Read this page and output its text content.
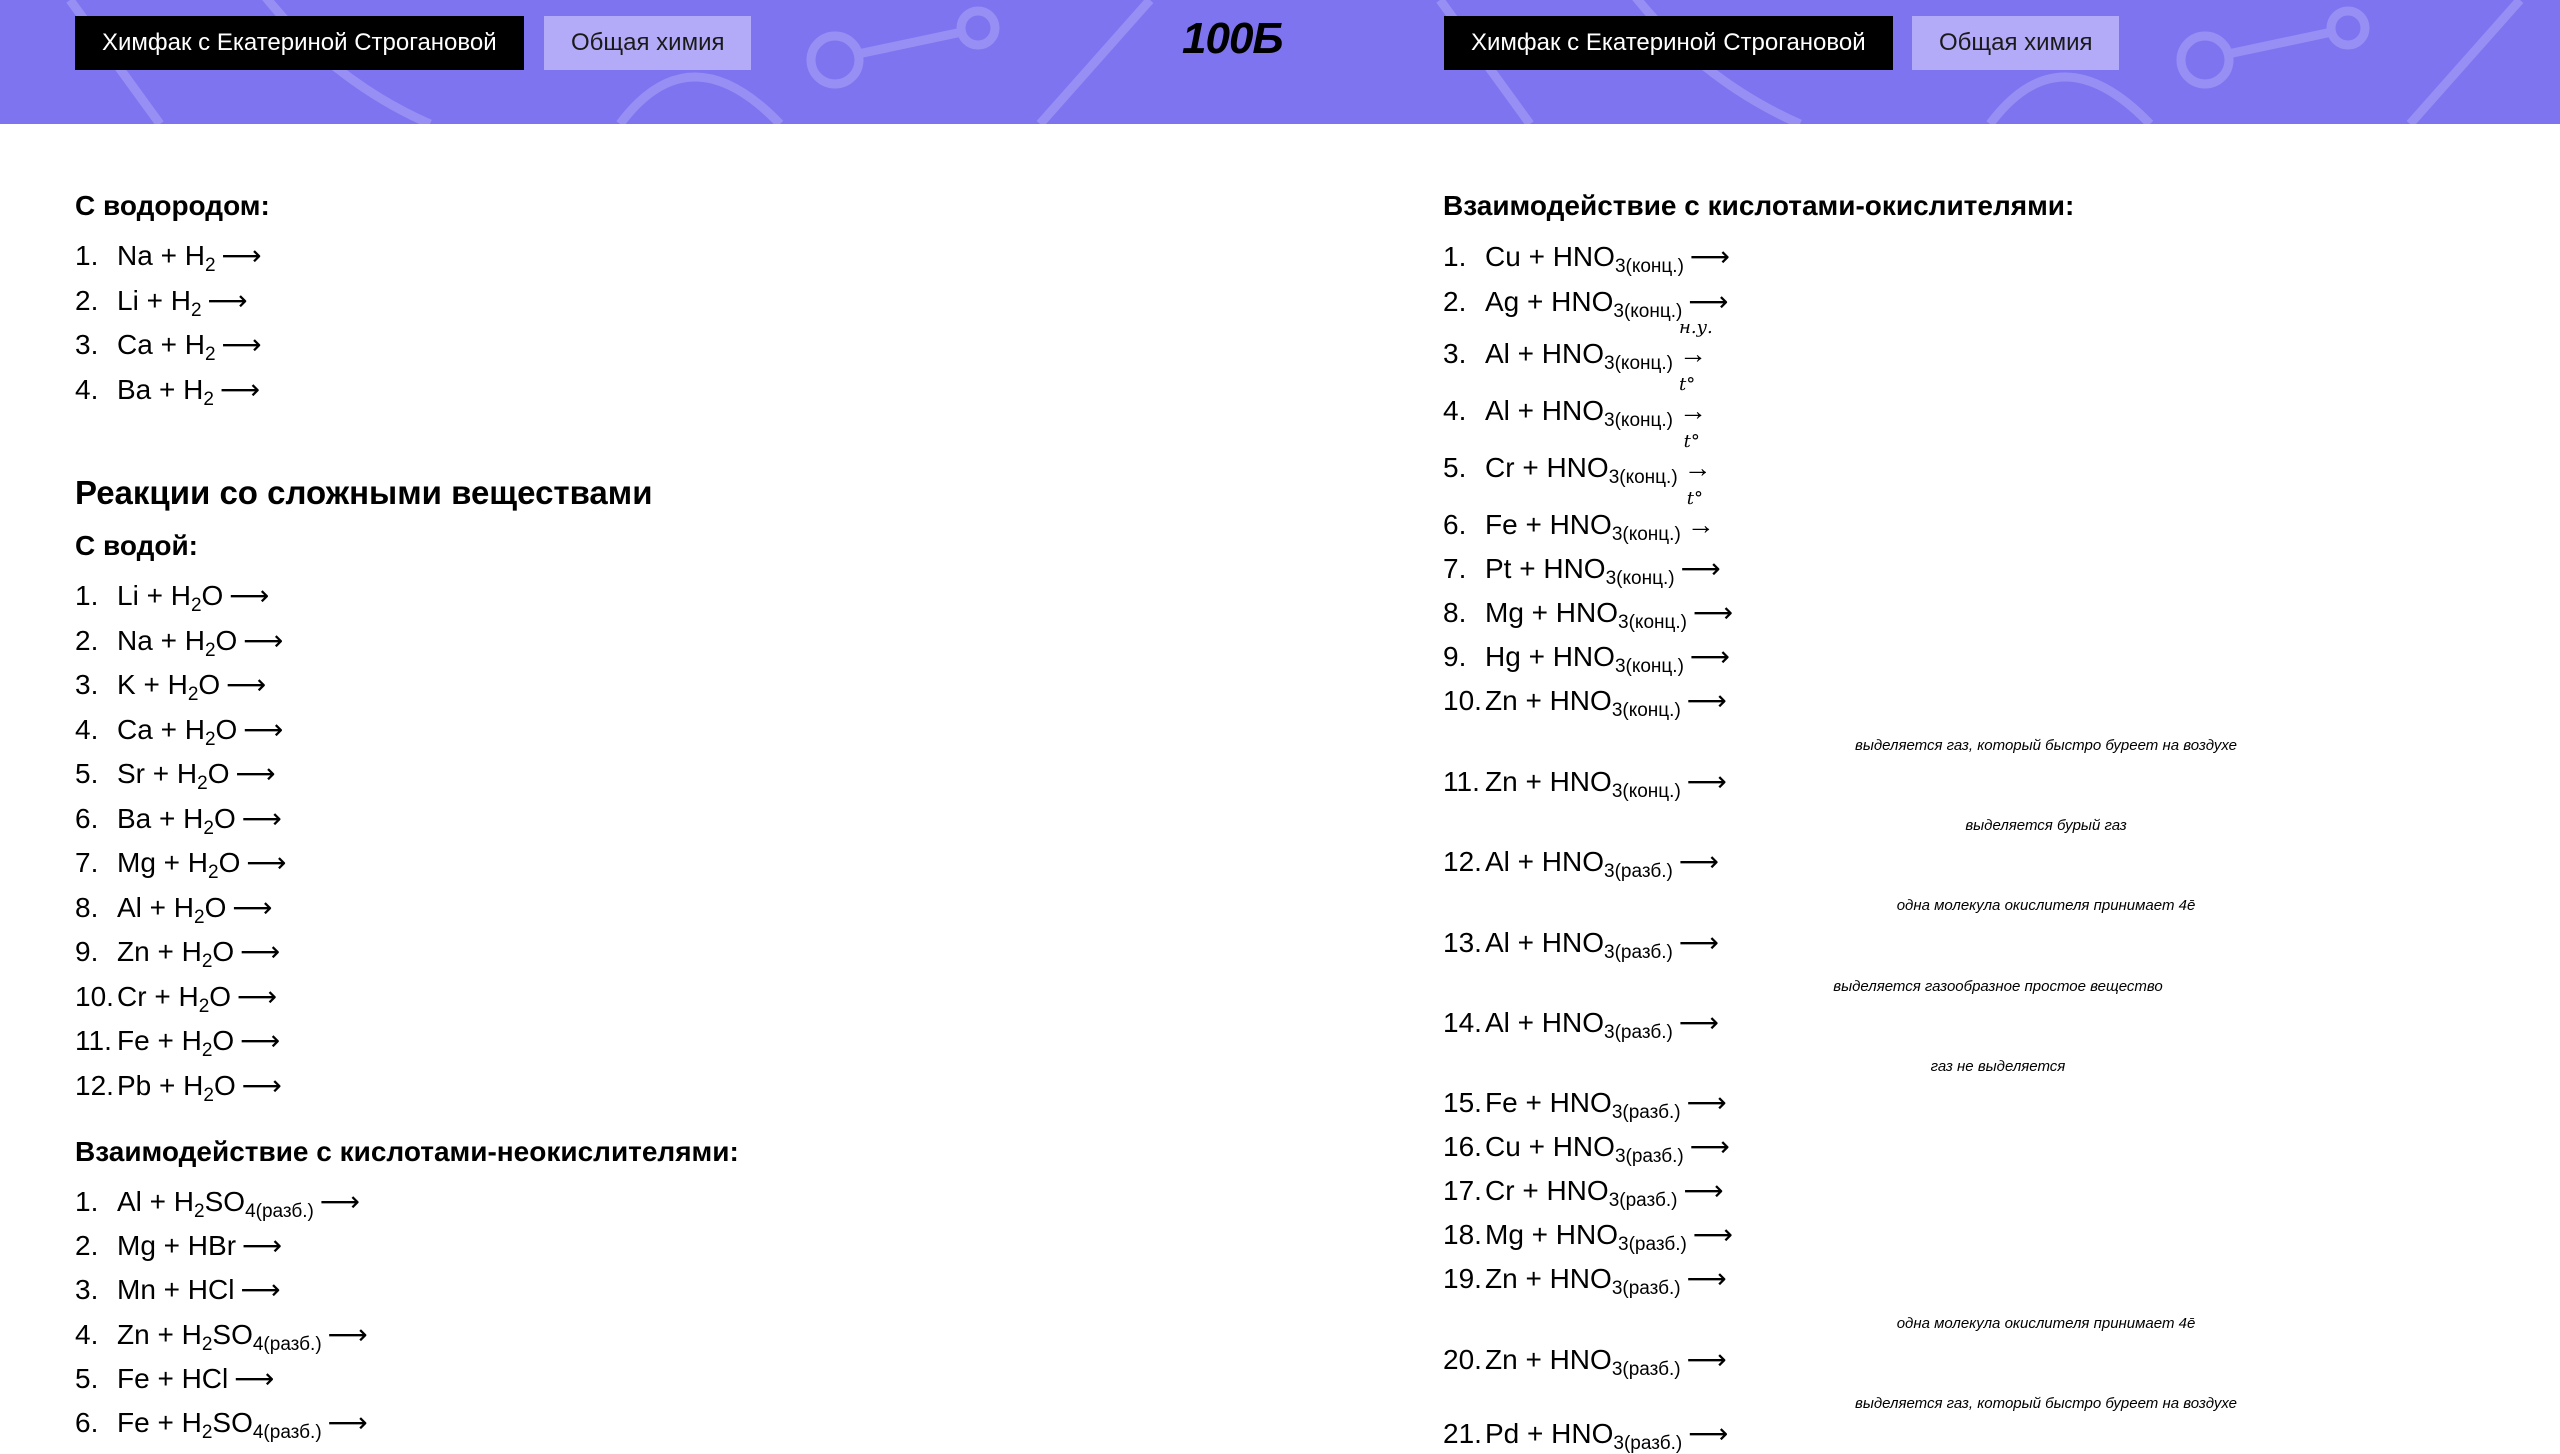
Химфак с Екатериной Строгановой	Общая химия	100Б	Химфак с Екатериной Строгановой	Общая химия
С водородом:
1. $Na + H_2$ ⟶
2. $Li + H_2$ ⟶
3. $Ca + H_2$ ⟶
4. $Ba + H_2$ ⟶
Реакции со сложными веществами
С водой:
1. $Li + H_2O$ ⟶
2. $Na + H_2O$ ⟶
3. $K + H_2O$ ⟶
4. $Ca + H_2O$ ⟶
5. $Sr + H_2O$ ⟶
6. $Ba + H_2O$ ⟶
7. $Mg + H_2O$ ⟶
8. $Al + H_2O$ ⟶
9. $Zn + H_2O$ ⟶
10. $Cr + H_2O$ ⟶
11. $Fe + H_2O$ ⟶
12. $Pb + H_2O$ ⟶
Взаимодействие с кислотами-неокислителями:
1. $Al + H_2SO_{4(разб.)}$ ⟶
2. Mg + HBr ⟶
3. Mn + HCl ⟶
4. $Zn + H_2SO_{4(разб.)}$ ⟶
5. Fe + HCl ⟶
6. $Fe + H_2SO_{4(разб.)}$ ⟶
Взаимодействие с кислотами-окислителями:
1. $Cu + HNO_{3(конц.)}$ ⟶
2. $Ag + HNO_{3(конц.)}$ ⟶
3. $Al + HNO_{3(конц.)}$ →
н.у.
4. $Al + HNO_{3(конц.)}$ →
t°
5. $Cr + HNO_{3(конц.)}$ →
t°
6. $Fe + HNO_{3(конц.)}$ →
t°
7. $Pt + HNO_{3(конц.)}$ ⟶
8. $Mg + HNO_{3(конц.)}$ ⟶
9. $Hg + HNO_{3(конц.)}$ ⟶
10. $Zn + HNO_{3(конц.)}$ ⟶
11. $Zn + HNO_{3(конц.)}$ ⟶
12. $Al + HNO_{3(разб.)}$ ⟶
13. $Al + HNO_{3(разб.)}$ ⟶
14. $Al + HNO_{3(разб.)}$ ⟶
15. $Fe + HNO_{3(разб.)}$ ⟶
16. $Cu + HNO_{3(разб.)}$ ⟶
17. $Cr + HNO_{3(разб.)}$ ⟶
18. $Mg + HNO_{3(разб.)}$ ⟶
19. $Zn + HNO_{3(разб.)}$ ⟶
20. $Zn + HNO_{3(разб.)}$ ⟶
21. $Pd + HNO_{3(разб.)}$ ⟶
выделяется газ, который быстро буреет на воздухе
выделяется бурый газ
одна молекула окислителя принимает 4ē
выделяется газообразное простое вещество
газ не выделяется
одна молекула окислителя принимает 4ē
выделяется газ, который быстро буреет на воздухе
